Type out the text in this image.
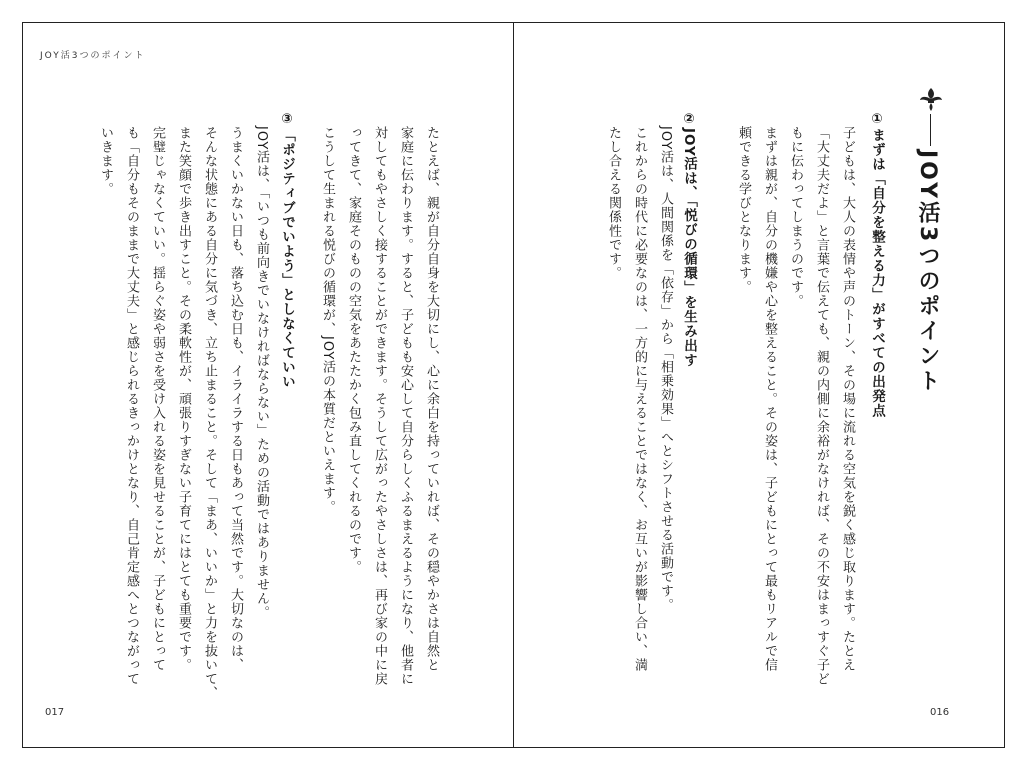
JOY活3つのポイント
たとえば、親が自分自身を大切にし、心に余白を持っていれば、その穏やかさは自然と
家庭に伝わります。すると、子どもも安心して自分らしくふるまえるようになり、他者に
対してもやさしく接することができます。そうして広がったやさしさは、再び家の中に戻
ってきて、家庭そのものの空気をあたたかく包み直してくれるのです。
こうして生まれる悦びの循環が、JOY活の本質だといえます。
③「ポジティブでいよう」としなくていい
JOY活は、「いつも前向きでいなければならない」ための活動ではありません。
うまくいかない日も、落ち込む日も、イライラする日もあって当然です。大切なのは、
そんな状態にある自分に気づき、立ち止まること。そして「まあ、いいか」と力を抜いて、
また笑顔で歩き出すこと。その柔軟性が、頑張りすぎない子育てにはとても重要です。
完璧じゃなくていい。揺らぐ姿や弱さを受け入れる姿を見せることが、子どもにとって
も「自分もそのままで大丈夫」と感じられるきっかけとなり、自己肯定感へとつながって
いきます。	JOY活3つのポイント
①まずは「自分を整える力」がすべての出発点
子どもは、大人の表情や声のトーン、その場に流れる空気を鋭く感じ取ります。たとえ
「大丈夫だよ」と言葉で伝えても、親の内側に余裕がなければ、その不安はまっすぐ子ど
もに伝わってしまうのです。
まずは親が、自分の機嫌や心を整えること。その姿は、子どもにとって最もリアルで信
頼できる学びとなります。
②JOY活は、「悦びの循環」を生み出す
JOY活は、人間関係を「依存」から「相乗効果」へとシフトさせる活動です。
これからの時代に必要なのは、一方的に与えることではなく、お互いが影響し合い、満
たし合える関係性です。
017	016
